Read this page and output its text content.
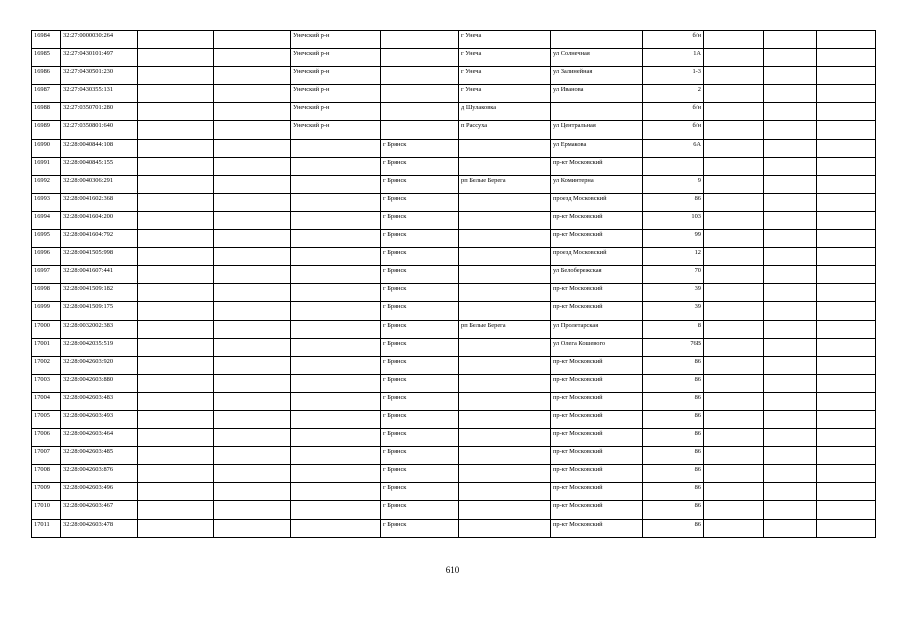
16984	32:27:0000030:264			Унечский р-н		г Унеча		б/н			
16985	32:27:0430101:497			Унечский р-н		г Унеча	ул Солнечная	1А			
16986	32:27:0430501:230			Унечский р-н		г Унеча	ул Залинейная	1-3			
16987	32:27:0430355:131			Унечский р-н		г Унеча	ул Иванова	2			
16988	32:27:0350701:280			Унечский р-н		д Шулаковка		б/н			
16989	32:27:0350801:640			Унечский р-н		п Рассуха	ул Центральная	б/н			
16990	32:28:0040844:108				г Брянск		ул Ермакова	6А			
16991	32:28:0040845:155				г Брянск		пр-кт Московский				
16992	32:28:0040306:291				г Брянск	рп Белые Берега	ул Коминтерна	9			
16993	32:28:0041602:368				г Брянск		проезд Московский	86			
16994	32:28:0041604:200				г Брянск		пр-кт Московский	103			
16995	32:28:0041604:792				г Брянск		пр-кт Московский	99			
16996	32:28:0041505:998				г Брянск		проезд Московский	12			
16997	32:28:0041607:441				г Брянск		ул Белобережская	70			
16998	32:28:0041509:182				г Брянск		пр-кт Московский	39			
16999	32:28:0041509:175				г Брянск		пр-кт Московский	39			
17000	32:28:0032002:383				г Брянск	рп Белые Берега	ул Пролетарская	8			
17001	32:28:0042035:519				г Брянск		ул Олега Кошевого	76В			
17002	32:28:0042603:920				г Брянск		пр-кт Московский	86			
17003	32:28:0042603:880				г Брянск		пр-кт Московский	86			
17004	32:28:0042603:483				г Брянск		пр-кт Московский	86			
17005	32:28:0042603:493				г Брянск		пр-кт Московский	86			
17006	32:28:0042603:464				г Брянск		пр-кт Московский	86			
17007	32:28:0042603:485				г Брянск		пр-кт Московский	86			
17008	32:28:0042603:876				г Брянск		пр-кт Московский	86			
17009	32:28:0042603:496				г Брянск		пр-кт Московский	86			
17010	32:28:0042603:467				г Брянск		пр-кт Московский	86			
17011	32:28:0042603:478				г Брянск		пр-кт Московский	86			
610
